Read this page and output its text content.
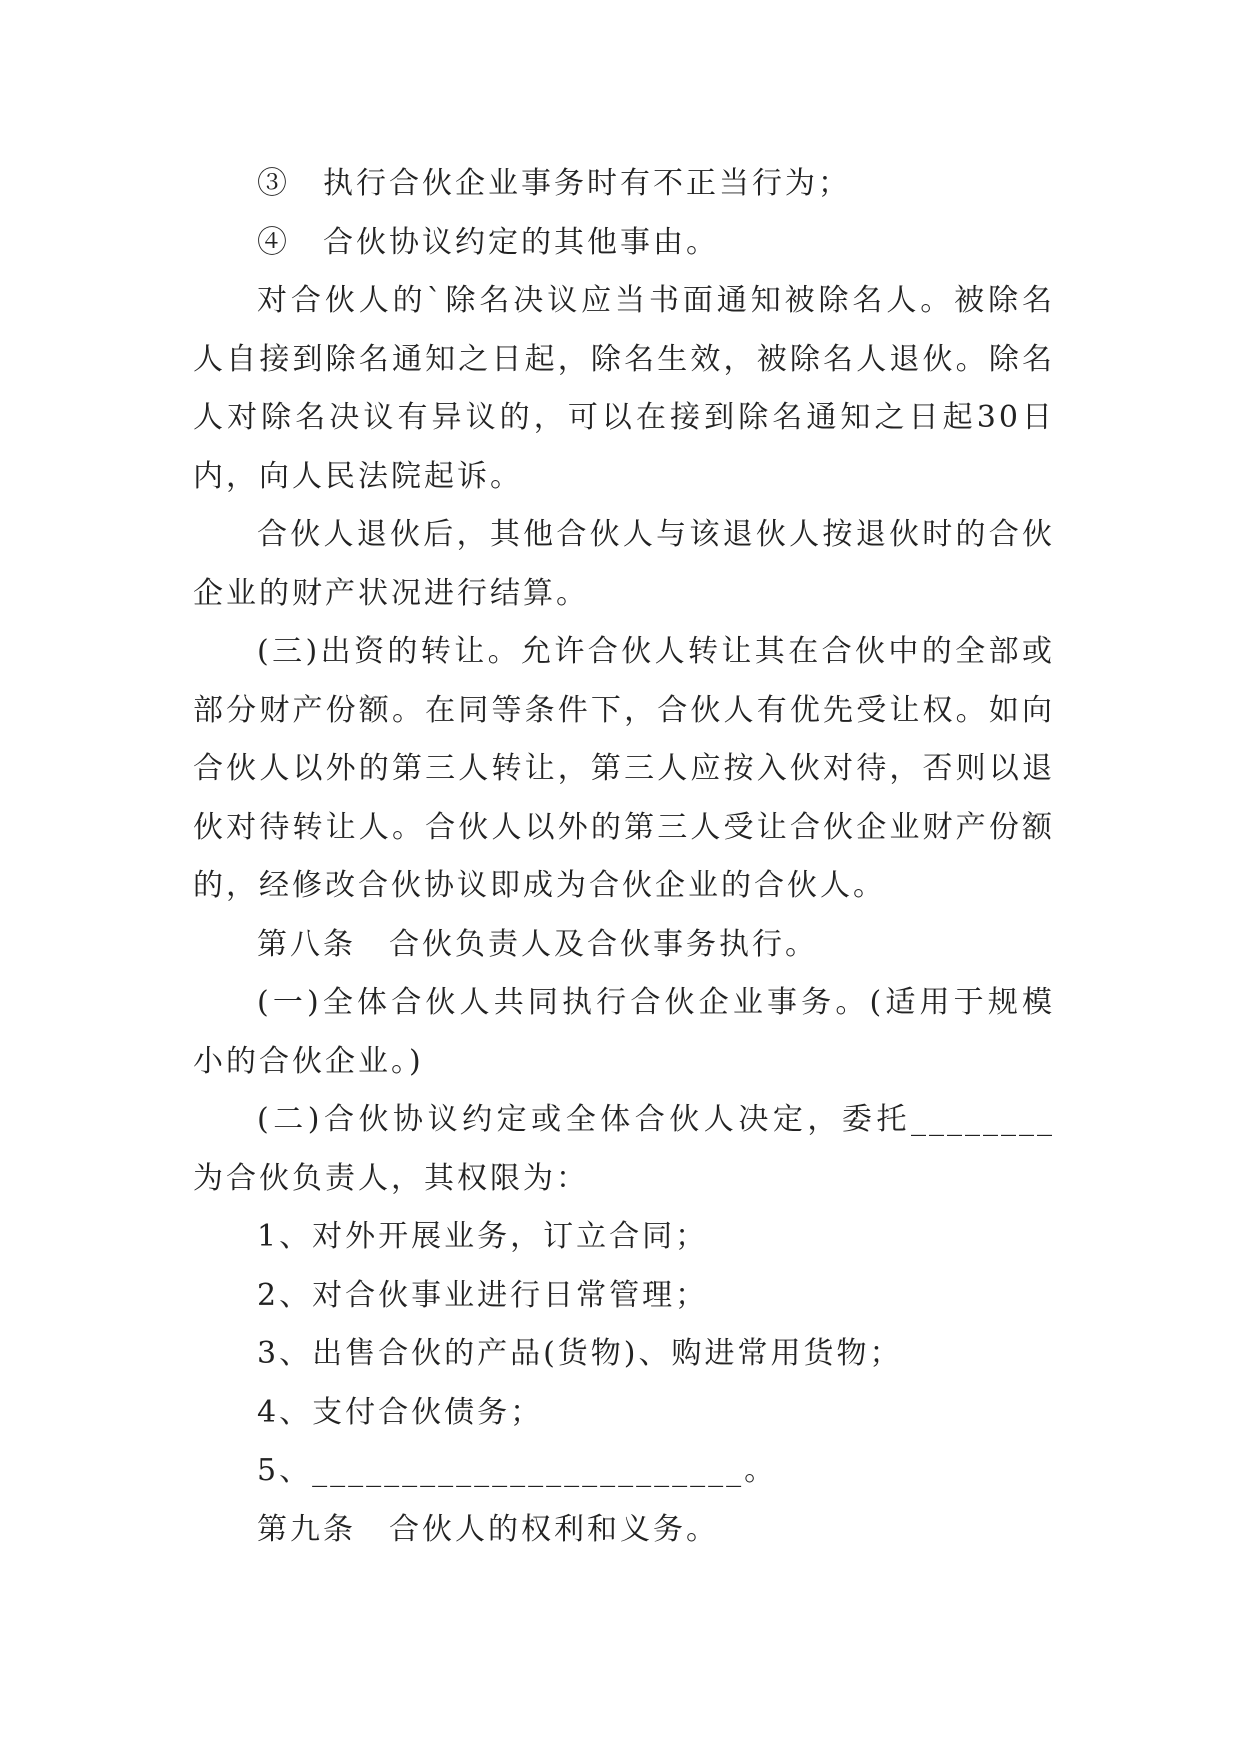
③　执行合伙企业事务时有不正当行为；

④　合伙协议约定的其他事由。

对合伙人的`除名决议应当书面通知被除名人。被除名人自接到除名通知之日起，除名生效，被除名人退伙。除名人对除名决议有异议的，可以在接到除名通知之日起30日内，向人民法院起诉。

合伙人退伙后，其他合伙人与该退伙人按退伙时的合伙企业的财产状况进行结算。

(三)出资的转让。允许合伙人转让其在合伙中的全部或部分财产份额。在同等条件下，合伙人有优先受让权。如向合伙人以外的第三人转让，第三人应按入伙对待，否则以退伙对待转让人。合伙人以外的第三人受让合伙企业财产份额的，经修改合伙协议即成为合伙企业的合伙人。

第八条　合伙负责人及合伙事务执行。

(一)全体合伙人共同执行合伙企业事务。(适用于规模小的合伙企业。)

(二)合伙协议约定或全体合伙人决定，委托________为合伙负责人，其权限为：

1、对外开展业务，订立合同；

2、对合伙事业进行日常管理；

3、出售合伙的产品(货物)、购进常用货物；

4、支付合伙债务；

5、________________________。

第九条　合伙人的权利和义务。
